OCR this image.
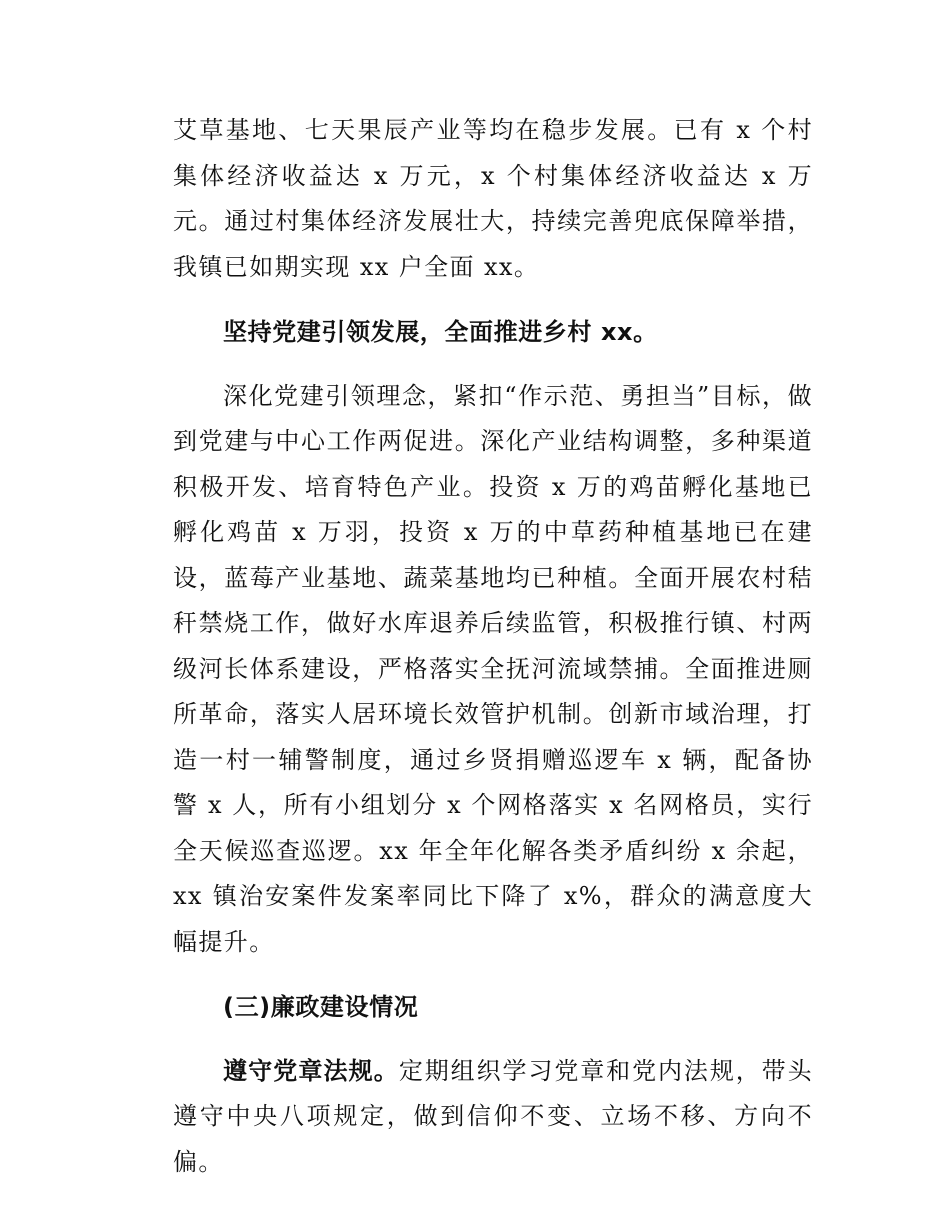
艾草基地、七天果辰产业等均在稳步发展。已有 x 个村集体经济收益达 x 万元，x 个村集体经济收益达 x 万元。通过村集体经济发展壮大，持续完善兜底保障举措，我镇已如期实现 xx 户全面 xx。

坚持党建引领发展，全面推进乡村 xx。

深化党建引领理念，紧扣“作示范、勇担当”目标，做到党建与中心工作两促进。深化产业结构调整，多种渠道积极开发、培育特色产业。投资 x 万的鸡苗孵化基地已孵化鸡苗 x 万羽，投资 x 万的中草药种植基地已在建设，蓝莓产业基地、蔬菜基地均已种植。全面开展农村秸秆禁烧工作，做好水库退养后续监管，积极推行镇、村两级河长体系建设，严格落实全抚河流域禁捕。全面推进厕所革命，落实人居环境长效管护机制。创新市域治理，打造一村一辅警制度，通过乡贤捐赠巡逻车 x 辆，配备协警 x 人，所有小组划分 x 个网格落实 x 名网格员，实行全天候巡查巡逻。xx 年全年化解各类矛盾纠纷 x 余起，xx 镇治安案件发案率同比下降了 x%，群众的满意度大幅提升。

(三)廉政建设情况

遵守党章法规。定期组织学习党章和党内法规，带头遵守中央八项规定，做到信仰不变、立场不移、方向不偏。
